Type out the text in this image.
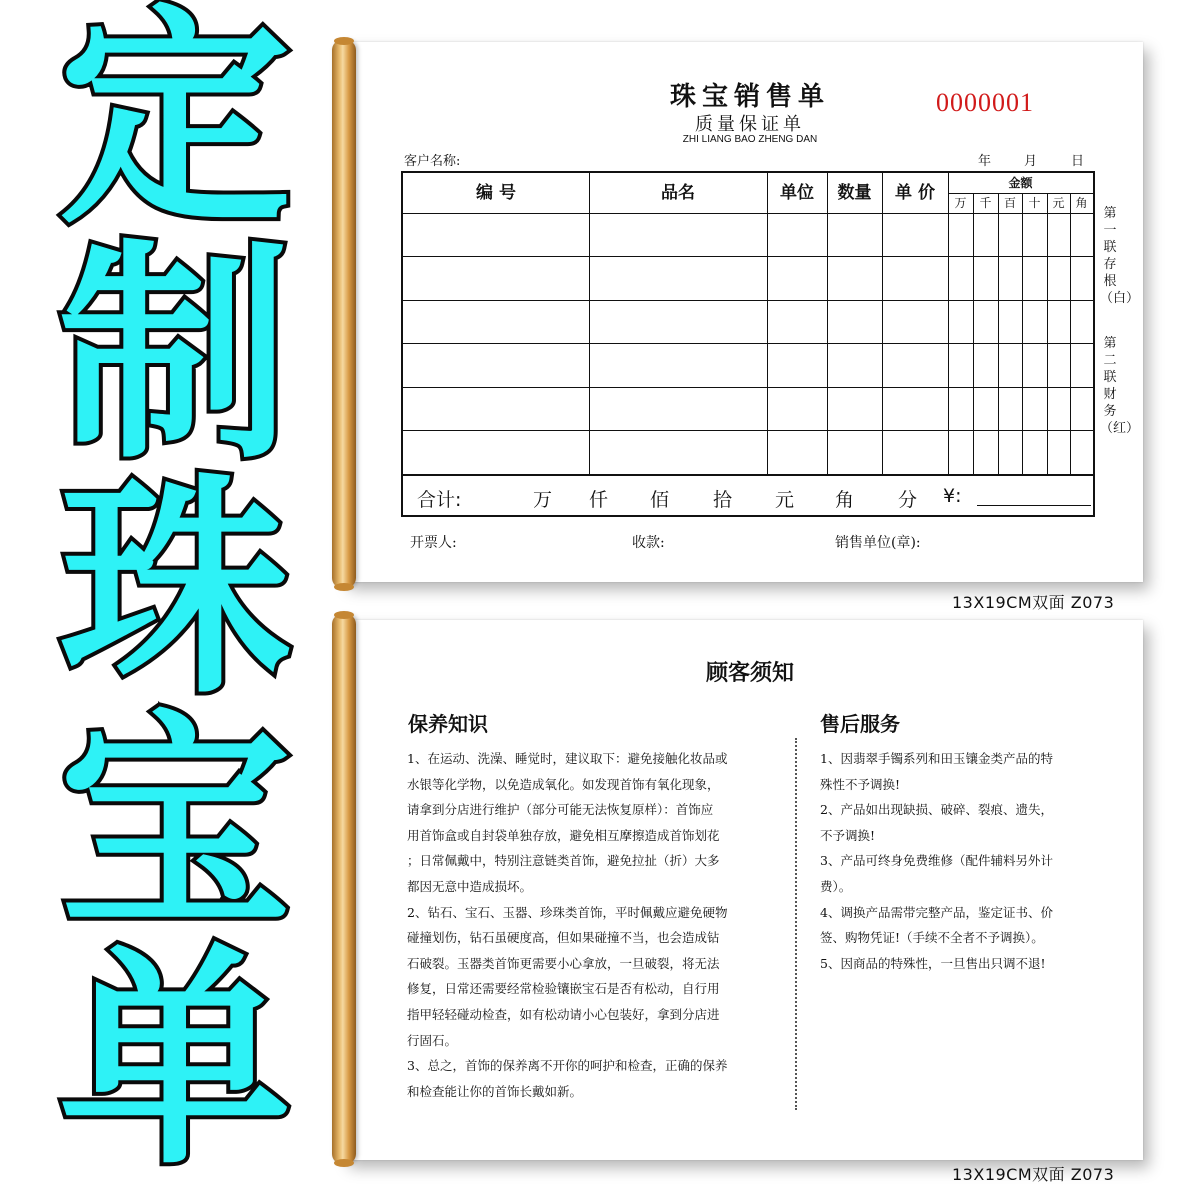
定
制
珠
宝
单
珠宝销售单
质量保证单
ZHI LIANG BAO ZHENG DAN
0000001
客户名称:	年	月	日
编 号	品名	单位	数量	单 价	金额
万	千	百	十 元 角
合计:	万 仟 佰 拾 元 角 分 ¥:
第一联存根（白）
第二联财务（红）
开票人:	收款:	销售单位(章):
13X19CM双面 Z073
顾客须知
保养知识	售后服务

1、在运动、洗澡、睡觉时，建议取下：避免接触化妆品或

水银等化学物，以免造成氧化。如发现首饰有氧化现象，

请拿到分店进行维护（部分可能无法恢复原样）：首饰应

用首饰盒或自封袋单独存放，避免相互摩擦造成首饰划花

；日常佩戴中，特别注意链类首饰，避免拉扯（折）大多

都因无意中造成损坏。

2、钻石、宝石、玉器、珍珠类首饰，平时佩戴应避免硬物

碰撞划伤，钻石虽硬度高，但如果碰撞不当，也会造成钻

石破裂。玉器类首饰更需要小心拿放，一旦破裂，将无法

修复，日常还需要经常检验镶嵌宝石是否有松动，自行用

指甲轻轻碰动检查，如有松动请小心包装好，拿到分店进

行固石。

3、总之，首饰的保养离不开你的呵护和检查，正确的保养

和检查能让你的首饰长戴如新。

1、因翡翠手镯系列和田玉镶金类产品的特

殊性不予调换!

2、产品如出现缺损、破碎、裂痕、遗失，

不予调换!

3、产品可终身免费维修（配件辅料另外计

费）。

4、调换产品需带完整产品，鉴定证书、价

签、购物凭证!（手续不全者不予调换）。

5、因商品的特殊性，一旦售出只调不退!

13X19CM双面 Z073
